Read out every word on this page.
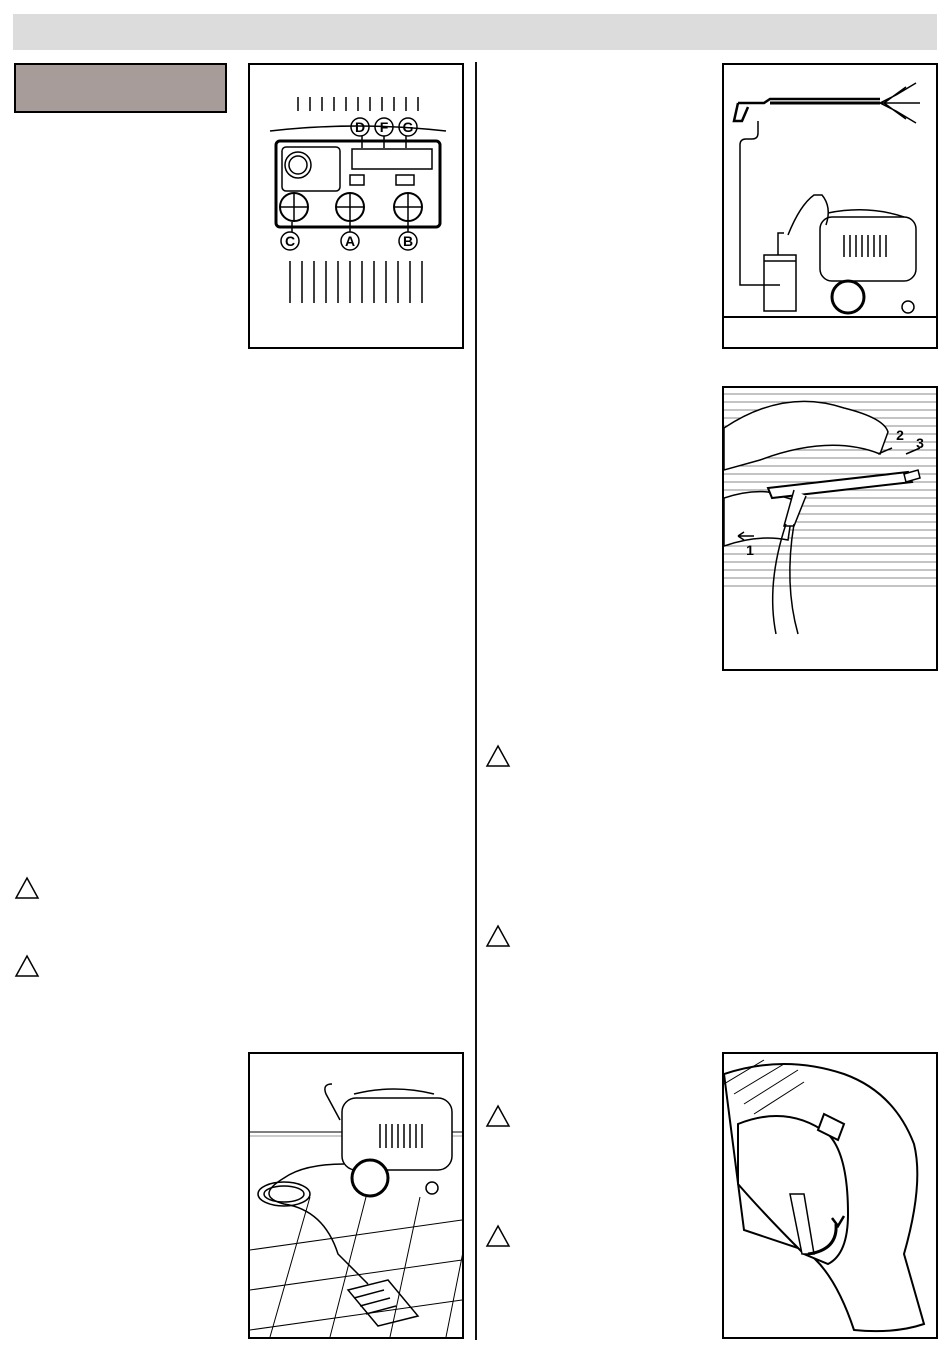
D F G
C	A	B
1
2 3
